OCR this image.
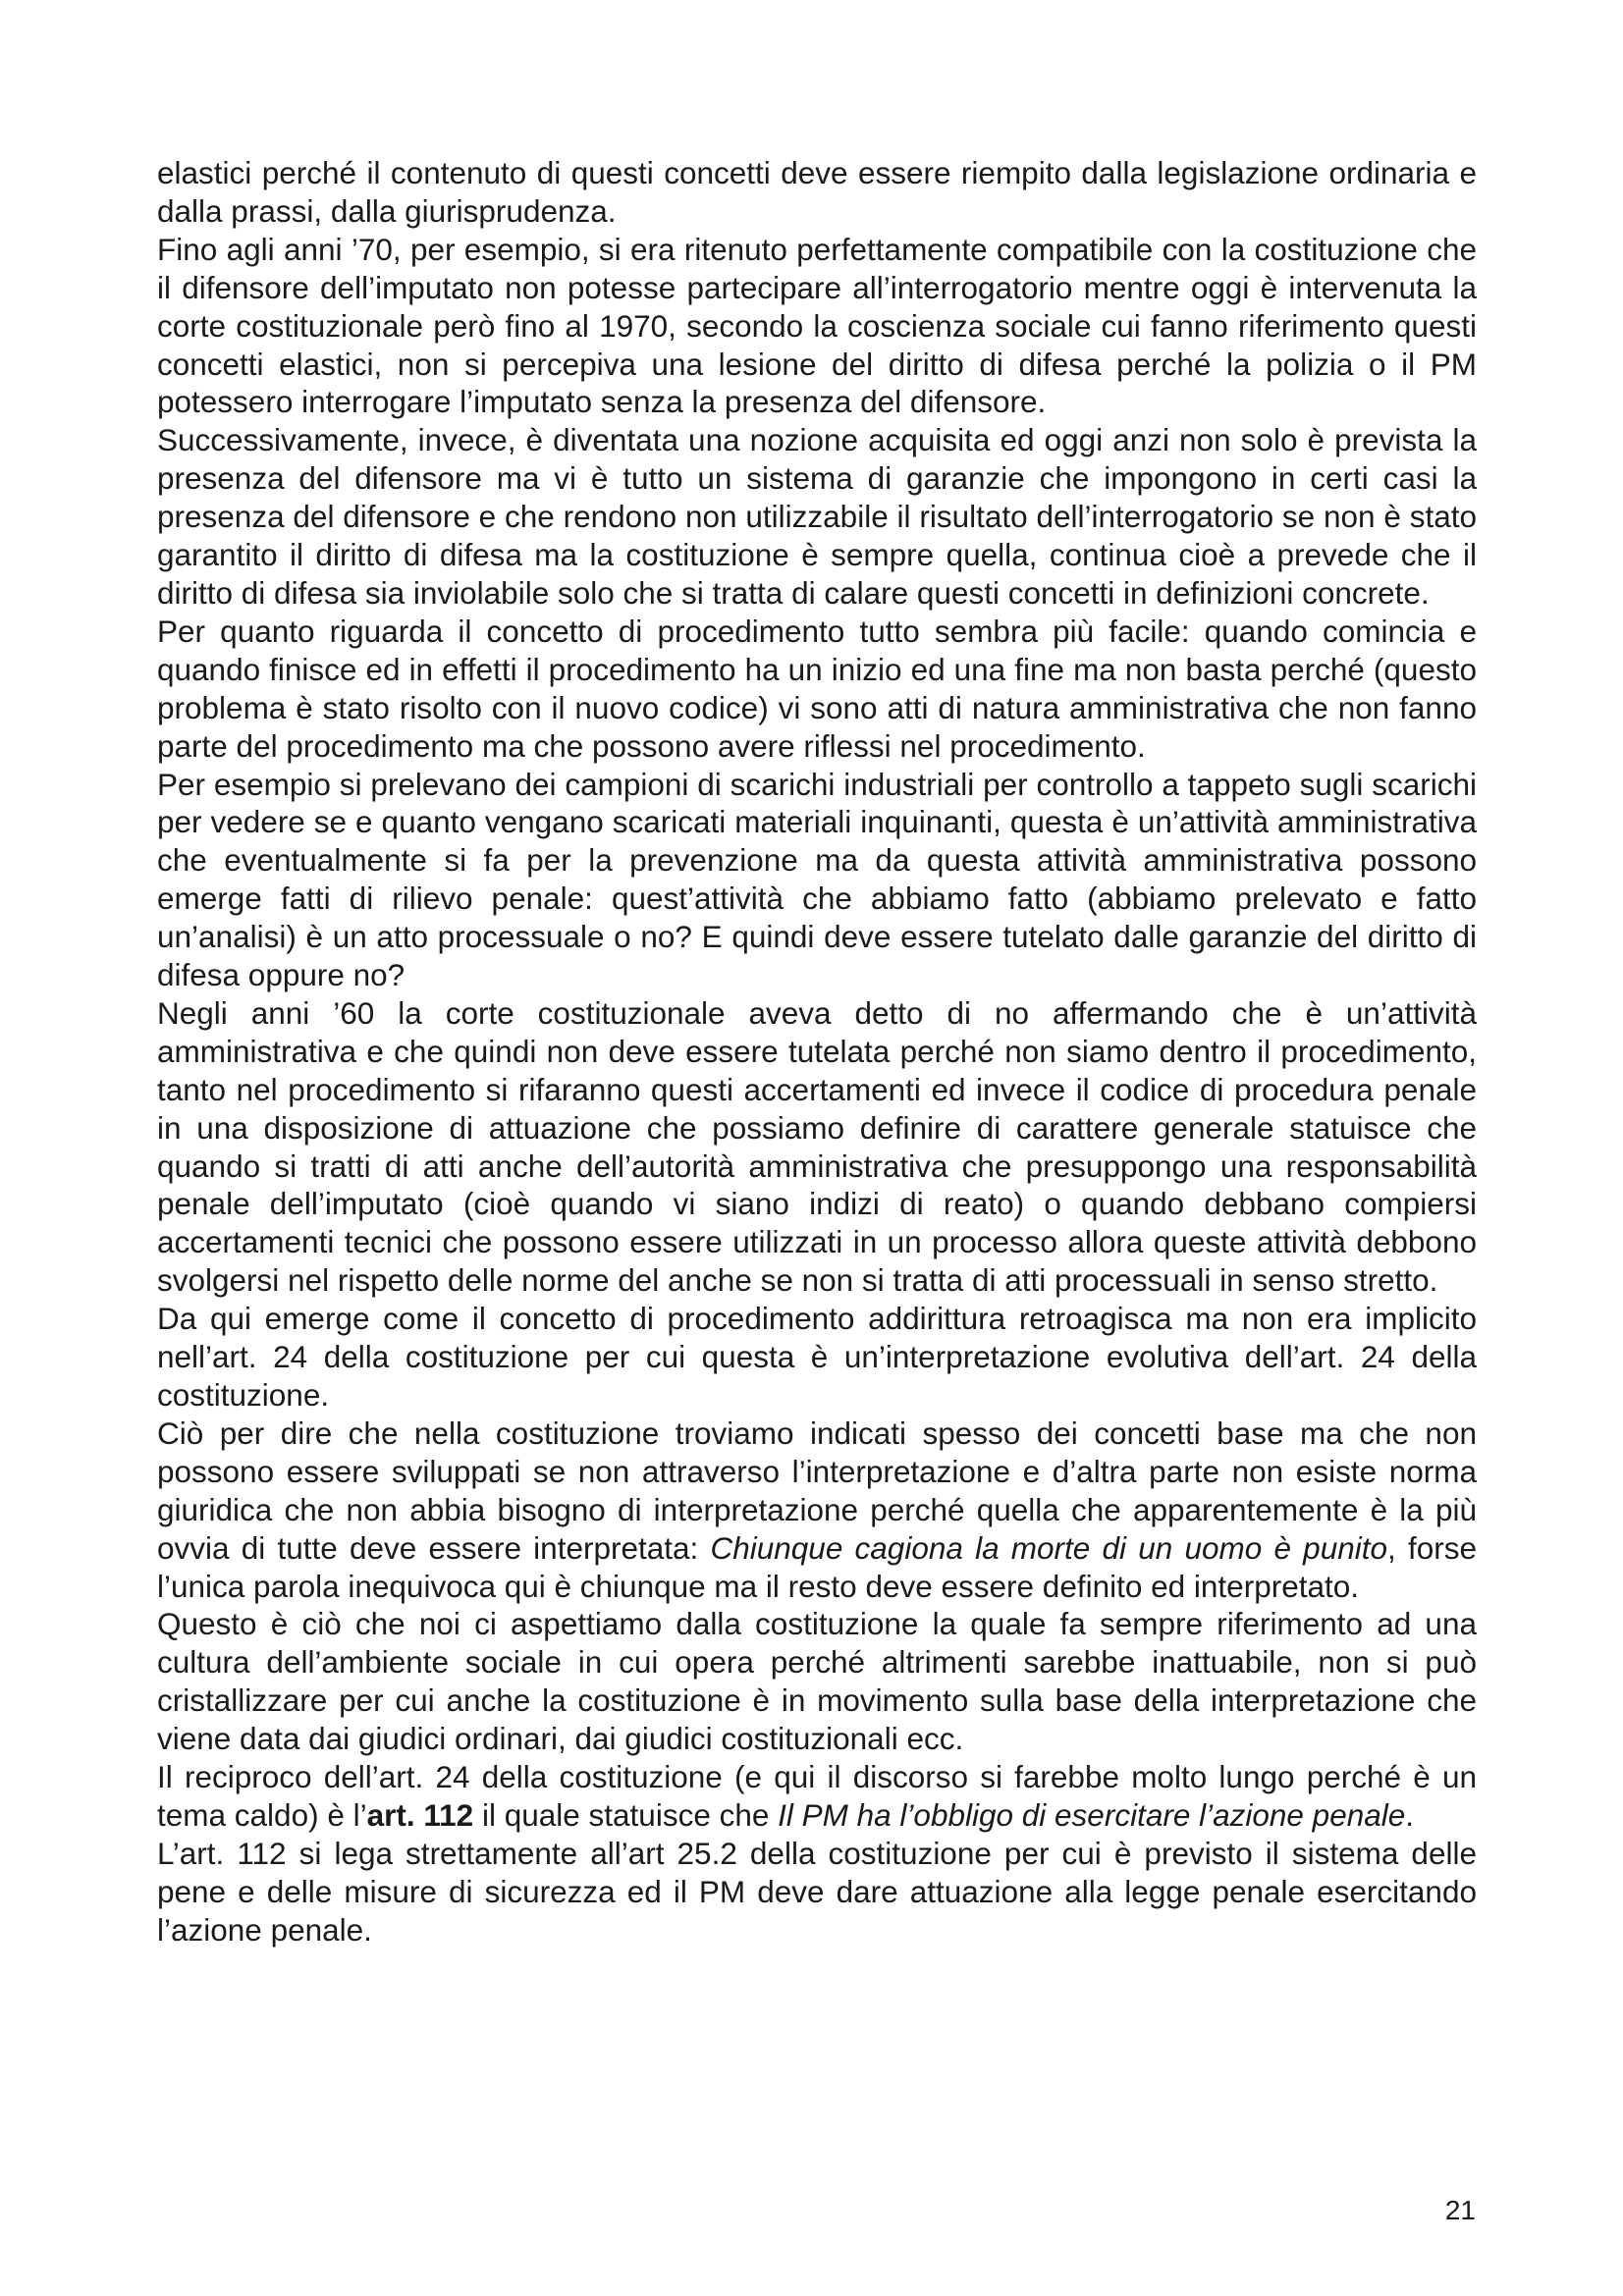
elastici perché il contenuto di questi concetti deve essere riempito dalla legislazione ordinaria e dalla prassi, dalla giurisprudenza.

Fino agli anni ’70, per esempio, si era ritenuto perfettamente compatibile con la costituzione che il difensore dell’imputato non potesse partecipare all’interrogatorio mentre oggi è intervenuta la corte costituzionale però fino al 1970, secondo la coscienza sociale cui fanno riferimento questi concetti elastici, non si percepiva una lesione del diritto di difesa perché la polizia o il PM potessero interrogare l’imputato senza la presenza del difensore.

Successivamente, invece, è diventata una nozione acquisita ed oggi anzi non solo è prevista la presenza del difensore ma vi è tutto un sistema di garanzie che impongono in certi casi la presenza del difensore e che rendono non utilizzabile il risultato dell’interrogatorio se non è stato garantito il diritto di difesa ma la costituzione è sempre quella, continua cioè a prevede che il diritto di difesa sia inviolabile solo che si tratta di calare questi concetti in definizioni concrete.

Per quanto riguarda il concetto di procedimento tutto sembra più facile: quando comincia e quando finisce ed in effetti il procedimento ha un inizio ed una fine ma non basta perché (questo problema è stato risolto con il nuovo codice) vi sono atti di natura amministrativa che non fanno parte del procedimento ma che possono avere riflessi nel procedimento.

Per esempio si prelevano dei campioni di scarichi industriali per controllo a tappeto sugli scarichi per vedere se e quanto vengano scaricati materiali inquinanti, questa è un’attività amministrativa che eventualmente si fa per la prevenzione ma da questa attività amministrativa possono emerge fatti di rilievo penale: quest’attività che abbiamo fatto (abbiamo prelevato e fatto un’analisi) è un atto processuale o no? E quindi deve essere tutelato dalle garanzie del diritto di difesa oppure no?

Negli anni ’60 la corte costituzionale aveva detto di no affermando che è un’attività amministrativa e che quindi non deve essere tutelata perché non siamo dentro il procedimento, tanto nel procedimento si rifaranno questi accertamenti ed invece il codice di procedura penale in una disposizione di attuazione che possiamo definire di carattere generale statuisce che quando si tratti di atti anche dell’autorità amministrativa che presuppongo una responsabilità penale dell’imputato (cioè quando vi siano indizi di reato) o quando debbano compiersi accertamenti tecnici che possono essere utilizzati in un processo allora queste attività debbono svolgersi nel rispetto delle norme del anche se non si tratta di atti processuali in senso stretto.

Da qui emerge come il concetto di procedimento addirittura retroagisca ma non era implicito nell’art. 24 della costituzione per cui questa è un’interpretazione evolutiva dell’art. 24 della costituzione.

Ciò per dire che nella costituzione troviamo indicati spesso dei concetti base ma che non possono essere sviluppati se non attraverso l’interpretazione e d’altra parte non esiste norma giuridica che non abbia bisogno di interpretazione perché quella che apparentemente è la più ovvia di tutte deve essere interpretata: Chiunque cagiona la morte di un uomo è punito, forse l’unica parola inequivoca qui è chiunque ma il resto deve essere definito ed interpretato.

Questo è ciò che noi ci aspettiamo dalla costituzione la quale fa sempre riferimento ad una cultura dell’ambiente sociale in cui opera perché altrimenti sarebbe inattuabile, non si può cristallizzare per cui anche la costituzione è in movimento sulla base della interpretazione che viene data dai giudici ordinari, dai giudici costituzionali ecc.

Il reciproco dell’art. 24 della costituzione (e qui il discorso si farebbe molto lungo perché è un tema caldo) è l’art. 112 il quale statuisce che Il PM ha l’obbligo di esercitare l’azione penale.

L’art. 112 si lega strettamente all’art 25.2 della costituzione per cui è previsto il sistema delle pene e delle misure di sicurezza ed il PM deve dare attuazione alla legge penale esercitando l’azione penale.

21
